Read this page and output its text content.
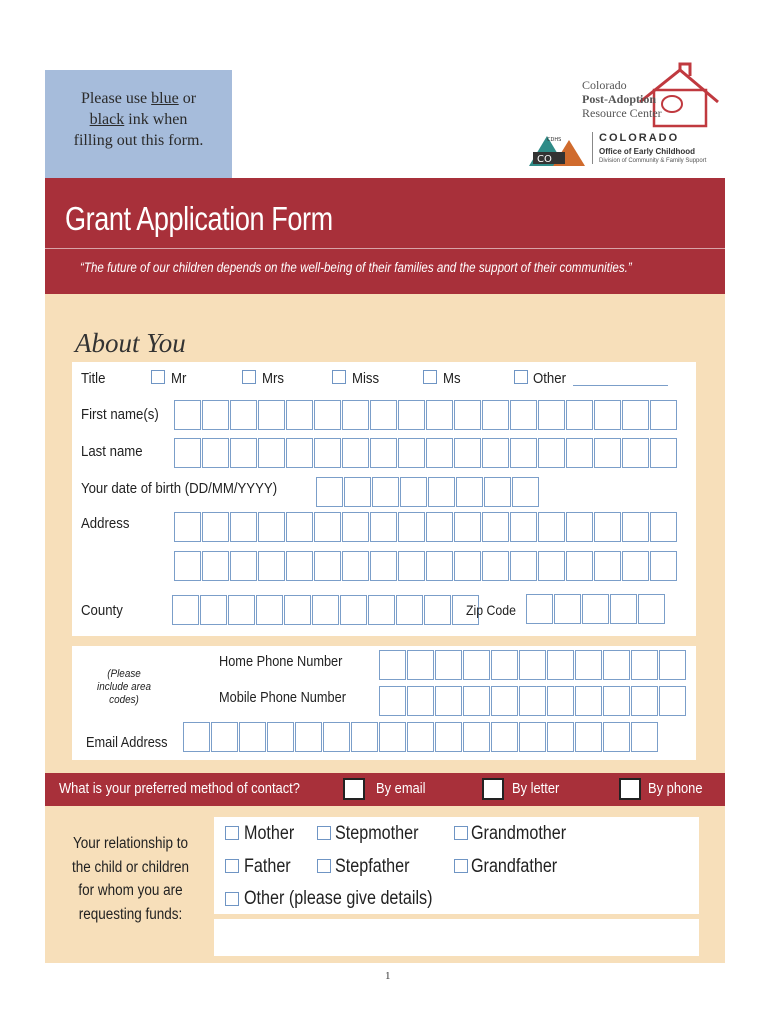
Please use blue or
black ink when
filling out this form.
Colorado
Post-Adoption
Resource Center
CO
CDHS	COLORADO
Office of Early Childhood
Division of Community & Family Support
Grant Application Form
“The future of our children depends on the well-being of their families and the support of their communities.”
About You
Title	Mr	Mrs	Miss	Ms	Other
First name(s)
Last name
Your date of birth (DD/MM/YYYY)
Address
County	Zip Code
(Please include area codes)
Home Phone Number
Mobile Phone Number
Email Address
What is your preferred method of contact?	By email	By letter	By phone
Your relationship to the child or children for whom you are requesting funds:
Mother Stepmother	Grandmother
Father Stepfather	Grandfather
Other (please give details)
1
